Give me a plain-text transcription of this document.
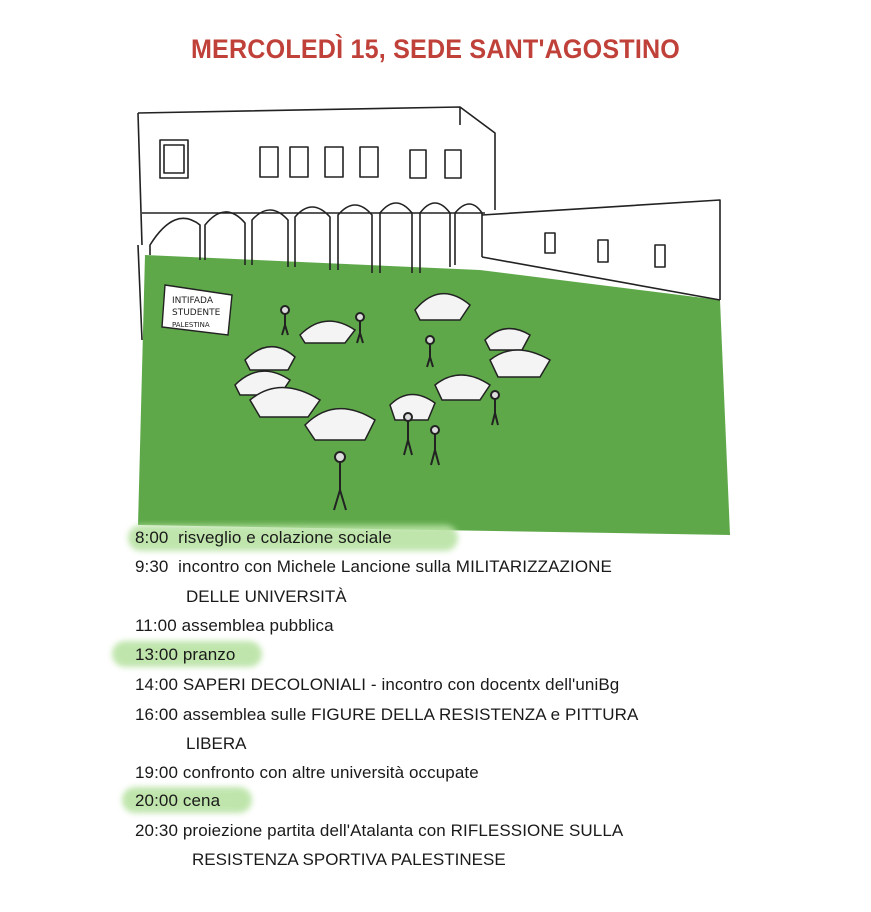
MERCOLEDÌ 15, SEDE SANT'AGOSTINO
INTIFADA
STUDENTE
PALESTINA
8:00 risveglio e colazione sociale
9:30 incontro con Michele Lancione sulla MILITARIZZAZIONE
DELLE UNIVERSITÀ
11:00 assemblea pubblica
13:00 pranzo
14:00 SAPERI DECOLONIALI - incontro con docentx dell'uniBg
16:00 assemblea sulle FIGURE DELLA RESISTENZA e PITTURA
LIBERA
19:00 confronto con altre università occupate
20:00 cena
20:30 proiezione partita dell'Atalanta con RIFLESSIONE SULLA
RESISTENZA SPORTIVA PALESTINESE
